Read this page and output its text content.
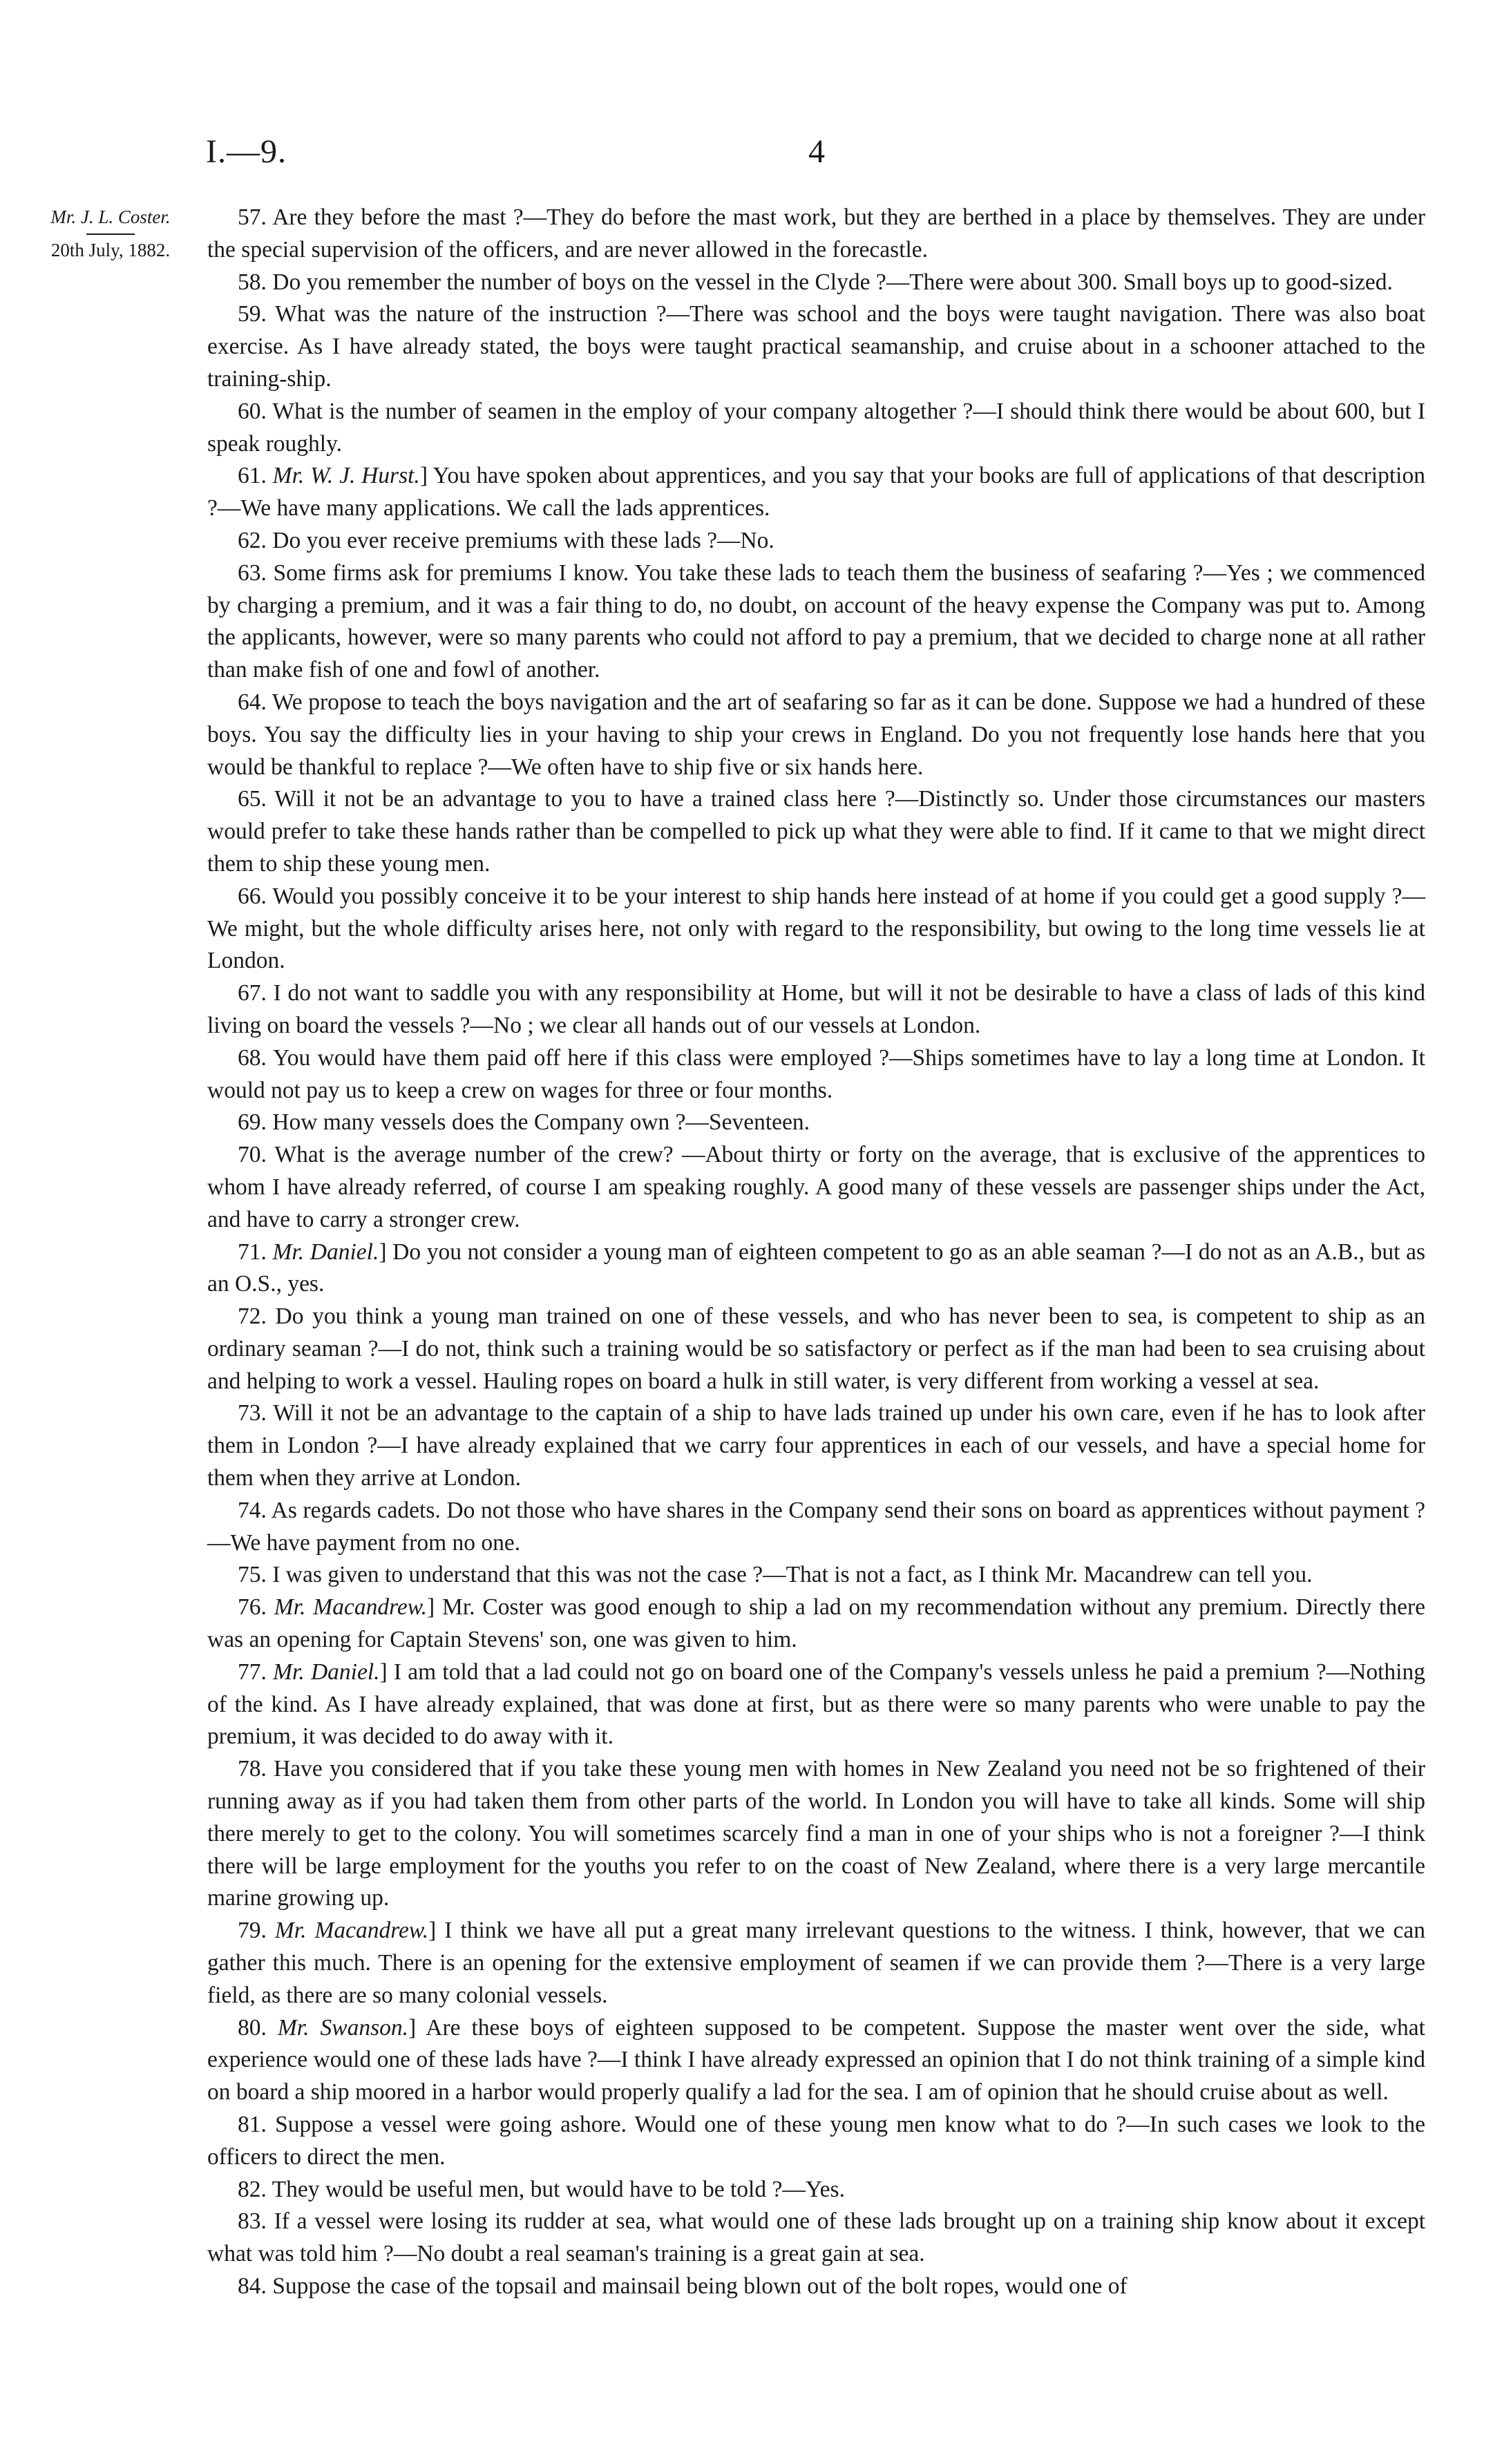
I.—9.	4
Mr. J. L. Coster.
20th July, 1882.

57. Are they before the mast ?—They do before the mast work, but they are berthed in a place by themselves. They are under the special supervision of the officers, and are never allowed in the forecastle.

58. Do you remember the number of boys on the vessel in the Clyde ?—There were about 300. Small boys up to good-sized.

59. What was the nature of the instruction ?—There was school and the boys were taught navigation. There was also boat exercise. As I have already stated, the boys were taught practical seamanship, and cruise about in a schooner attached to the training-ship.

60. What is the number of seamen in the employ of your company altogether ?—I should think there would be about 600, but I speak roughly.

61. Mr. W. J. Hurst.] You have spoken about apprentices, and you say that your books are full of applications of that description ?—We have many applications. We call the lads apprentices.

62. Do you ever receive premiums with these lads ?—No.

63. Some firms ask for premiums I know. You take these lads to teach them the business of seafaring ?—Yes ; we commenced by charging a premium, and it was a fair thing to do, no doubt, on account of the heavy expense the Company was put to. Among the applicants, however, were so many parents who could not afford to pay a premium, that we decided to charge none at all rather than make fish of one and fowl of another.

64. We propose to teach the boys navigation and the art of seafaring so far as it can be done. Suppose we had a hundred of these boys. You say the difficulty lies in your having to ship your crews in England. Do you not frequently lose hands here that you would be thankful to replace ?—We often have to ship five or six hands here.

65. Will it not be an advantage to you to have a trained class here ?—Distinctly so. Under those circumstances our masters would prefer to take these hands rather than be compelled to pick up what they were able to find. If it came to that we might direct them to ship these young men.

66. Would you possibly conceive it to be your interest to ship hands here instead of at home if you could get a good supply ?—We might, but the whole difficulty arises here, not only with regard to the responsibility, but owing to the long time vessels lie at London.

67. I do not want to saddle you with any responsibility at Home, but will it not be desirable to have a class of lads of this kind living on board the vessels ?—No ; we clear all hands out of our vessels at London.

68. You would have them paid off here if this class were employed ?—Ships sometimes have to lay a long time at London. It would not pay us to keep a crew on wages for three or four months.

69. How many vessels does the Company own ?—Seventeen.

70. What is the average number of the crew? —About thirty or forty on the average, that is exclusive of the apprentices to whom I have already referred, of course I am speaking roughly. A good many of these vessels are passenger ships under the Act, and have to carry a stronger crew.

71. Mr. Daniel.] Do you not consider a young man of eighteen competent to go as an able seaman ?—I do not as an A.B., but as an O.S., yes.

72. Do you think a young man trained on one of these vessels, and who has never been to sea, is competent to ship as an ordinary seaman ?—I do not, think such a training would be so satisfactory or perfect as if the man had been to sea cruising about and helping to work a vessel. Hauling ropes on board a hulk in still water, is very different from working a vessel at sea.

73. Will it not be an advantage to the captain of a ship to have lads trained up under his own care, even if he has to look after them in London ?—I have already explained that we carry four apprentices in each of our vessels, and have a special home for them when they arrive at London.

74. As regards cadets. Do not those who have shares in the Company send their sons on board as apprentices without payment ?—We have payment from no one.

75. I was given to understand that this was not the case ?—That is not a fact, as I think Mr. Macandrew can tell you.

76. Mr. Macandrew.] Mr. Coster was good enough to ship a lad on my recommendation without any premium. Directly there was an opening for Captain Stevens' son, one was given to him.

77. Mr. Daniel.] I am told that a lad could not go on board one of the Company's vessels unless he paid a premium ?—Nothing of the kind. As I have already explained, that was done at first, but as there were so many parents who were unable to pay the premium, it was decided to do away with it.

78. Have you considered that if you take these young men with homes in New Zealand you need not be so frightened of their running away as if you had taken them from other parts of the world. In London you will have to take all kinds. Some will ship there merely to get to the colony. You will sometimes scarcely find a man in one of your ships who is not a foreigner ?—I think there will be large employment for the youths you refer to on the coast of New Zealand, where there is a very large mercantile marine growing up.

79. Mr. Macandrew.] I think we have all put a great many irrelevant questions to the witness. I think, however, that we can gather this much. There is an opening for the extensive employment of seamen if we can provide them ?—There is a very large field, as there are so many colonial vessels.

80. Mr. Swanson.] Are these boys of eighteen supposed to be competent. Suppose the master went over the side, what experience would one of these lads have ?—I think I have already expressed an opinion that I do not think training of a simple kind on board a ship moored in a harbor would properly qualify a lad for the sea. I am of opinion that he should cruise about as well.

81. Suppose a vessel were going ashore. Would one of these young men know what to do ?—In such cases we look to the officers to direct the men.

82. They would be useful men, but would have to be told ?—Yes.

83. If a vessel were losing its rudder at sea, what would one of these lads brought up on a training ship know about it except what was told him ?—No doubt a real seaman's training is a great gain at sea.

84. Suppose the case of the topsail and mainsail being blown out of the bolt ropes, would one of
